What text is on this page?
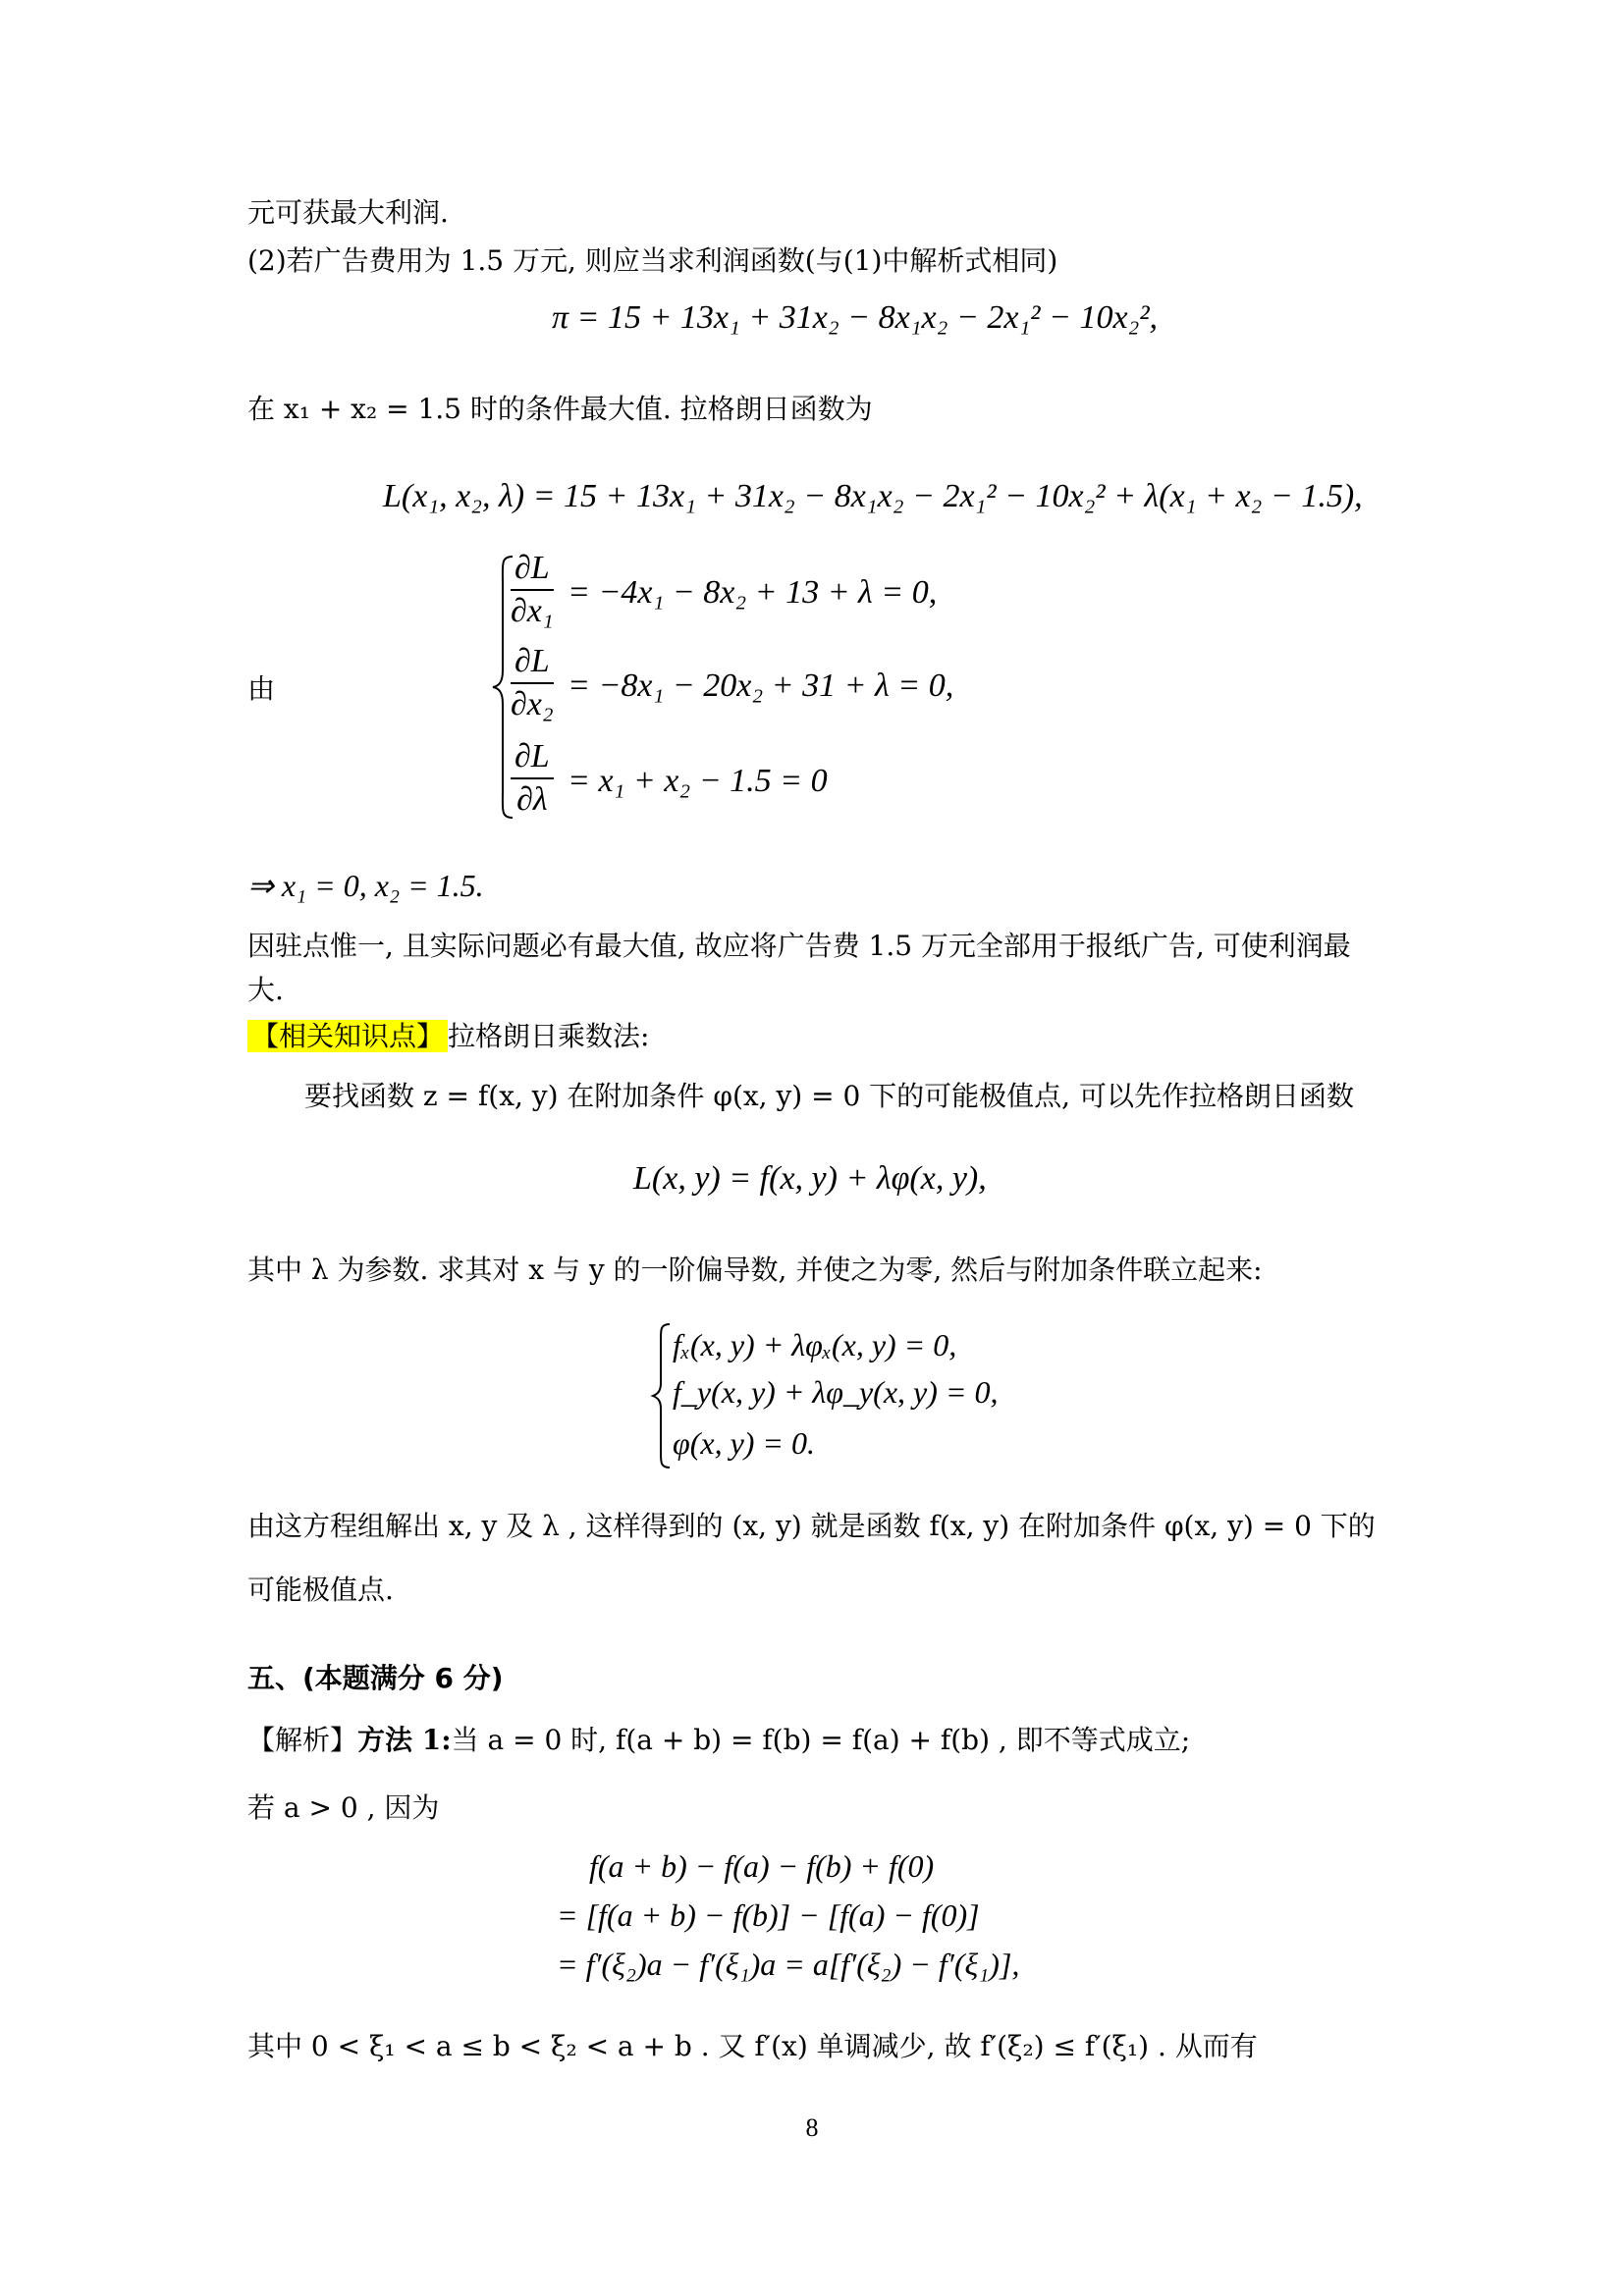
元可获最大利润.
(2)若广告费用为 1.5 万元, 则应当求利润函数(与(1)中解析式相同)
π = 15 + 13x₁ + 31x₂ − 8x₁x₂ − 2x₁² − 10x₂²,
在 x₁ + x₂ = 1.5 时的条件最大值. 拉格朗日函数为
L(x₁, x₂, λ) = 15 + 13x₁ + 31x₂ − 8x₁x₂ − 2x₁² − 10x₂² + λ(x₁ + x₂ − 1.5),
由
$\frac{\partial L}{\text{∂x₁}} = -4x_1 - 8x_2 + 13 + \lambda = 0$,
$\frac{\partial L}{\text{∂x₂}} = -8x_1 - 20x_2 + 31 + \lambda = 0$,
$\frac{\partial L}{\partial\lambda} = x_1 + x_2 - 1.5 = 0$
⇒ x₁ = 0, x₂ = 1.5.
因驻点惟一, 且实际问题必有最大值, 故应将广告费 1.5 万元全部用于报纸广告, 可使利润最
大.
【相关知识点】 拉格朗日乘数法:
要找函数 z = f(x, y) 在附加条件 φ(x, y) = 0 下的可能极值点, 可以先作拉格朗日函数
L(x, y) = f(x, y) + λφ(x, y),
其中 λ 为参数. 求其对 x 与 y 的一阶偏导数, 并使之为零, 然后与附加条件联立起来:
fₓ(x, y) + λφₓ(x, y) = 0,
f_y(x, y) + λφ_y(x, y) = 0,
φ(x, y) = 0.
由这方程组解出 x, y 及 λ , 这样得到的 (x, y) 就是函数 f(x, y) 在附加条件 φ(x, y) = 0 下的
可能极值点.
五、(本题满分 6 分)
【解析】方法 1:当 a = 0 时, f(a + b) = f(b) = f(a) + f(b) , 即不等式成立;
若 a > 0 , 因为
f(a + b) − f(a) − f(b) + f(0)
= [f(a + b) − f(b)] − [f(a) − f(0)]
= f′(ξ₂)a − f′(ξ₁)a = a[f′(ξ₂) − f′(ξ₁)],
其中 0 < ξ₁ < a ≤ b < ξ₂ < a + b . 又 f′(x) 单调减少, 故 f′(ξ₂) ≤ f′(ξ₁) . 从而有
8
